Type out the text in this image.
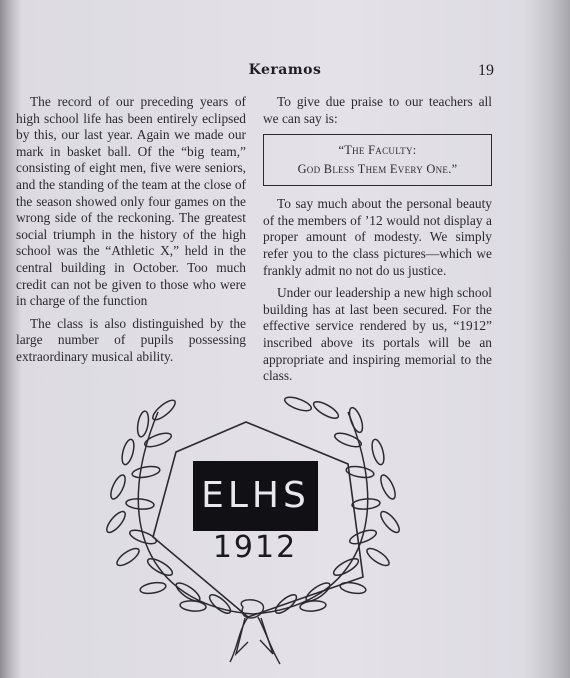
Keramos	19

The record of our preceding years of high school life has been entirely eclipsed by this, our last year. Again we made our mark in basket ball. Of the “big team,” consisting of eight men, five were seniors, and the standing of the team at the close of the season showed only four games on the wrong side of the reckoning. The greatest social triumph in the history of the high school was the “Athletic X,” held in the central building in October. Too much credit can not be given to those who were in charge of the function

The class is also distinguished by the large number of pupils possessing extraordinary musical ability.

To give due praise to our teachers all we can say is:

“The Faculty:
God Bless Them Every One.”

To say much about the personal beauty of the members of ’12 would not display a proper amount of modesty. We simply refer you to the class pictures—which we frankly admit no not do us justice.

Under our leadership a new high school building has at last been secured. For the effective service rendered by us, “1912” inscribed above its portals will be an appropriate and inspiring memorial to the class.

ELHS
1912
